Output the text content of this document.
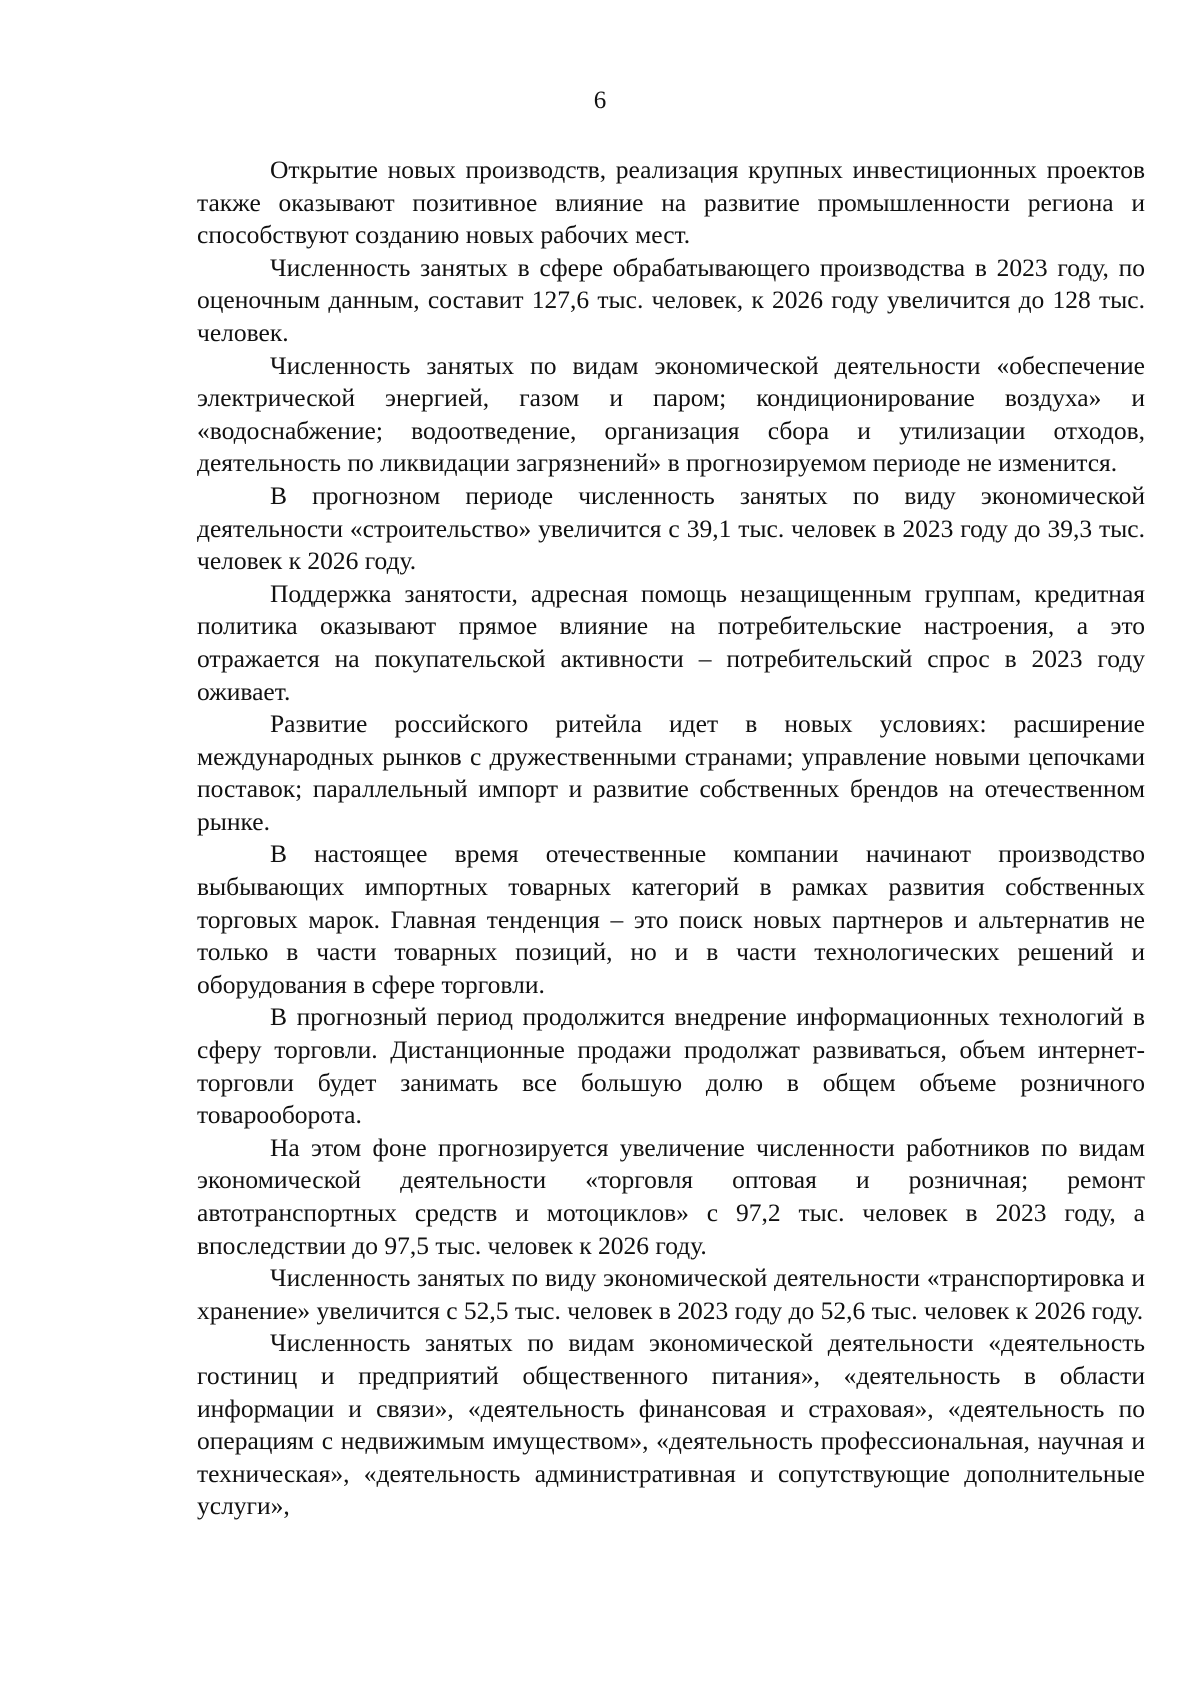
6

Открытие новых производств, реализация крупных инвестиционных проектов также оказывают позитивное влияние на развитие промышленности региона и способствуют созданию новых рабочих мест.

Численность занятых в сфере обрабатывающего производства в 2023 году, по оценочным данным, составит 127,6 тыс. человек, к 2026 году увеличится до 128 тыс. человек.

Численность занятых по видам экономической деятельности «обеспечение электрической энергией, газом и паром; кондиционирование воздуха» и «водоснабжение; водоотведение, организация сбора и утилизации отходов, деятельность по ликвидации загрязнений» в прогнозируемом периоде не изменится.

В прогнозном периоде численность занятых по виду экономической деятельности «строительство» увеличится с 39,1 тыс. человек в 2023 году до 39,3 тыс. человек к 2026 году.

Поддержка занятости, адресная помощь незащищенным группам, кредитная политика оказывают прямое влияние на потребительские настроения, а это отражается на покупательской активности – потребительский спрос в 2023 году оживает.

Развитие российского ритейла идет в новых условиях: расширение международных рынков с дружественными странами; управление новыми цепочками поставок; параллельный импорт и развитие собственных брендов на отечественном рынке.

В настоящее время отечественные компании начинают производство выбывающих импортных товарных категорий в рамках развития собственных торговых марок. Главная тенденция – это поиск новых партнеров и альтернатив не только в части товарных позиций, но и в части технологических решений и оборудования в сфере торговли.

В прогнозный период продолжится внедрение информационных технологий в сферу торговли. Дистанционные продажи продолжат развиваться, объем интернет-торговли будет занимать все большую долю в общем объеме розничного товарооборота.

На этом фоне прогнозируется увеличение численности работников по видам экономической деятельности «торговля оптовая и розничная; ремонт автотранспортных средств и мотоциклов» с 97,2 тыс. человек в 2023 году, а впоследствии до 97,5 тыс. человек к 2026 году.

Численность занятых по виду экономической деятельности «транспортировка и хранение» увеличится с 52,5 тыс. человек в 2023 году до 52,6 тыс. человек к 2026 году.

Численность занятых по видам экономической деятельности «деятельность гостиниц и предприятий общественного питания», «деятельность в области информации и связи», «деятельность финансовая и страховая», «деятельность по операциям с недвижимым имуществом», «деятельность профессиональная, научная и техническая», «деятельность административная и сопутствующие дополнительные услуги»,
